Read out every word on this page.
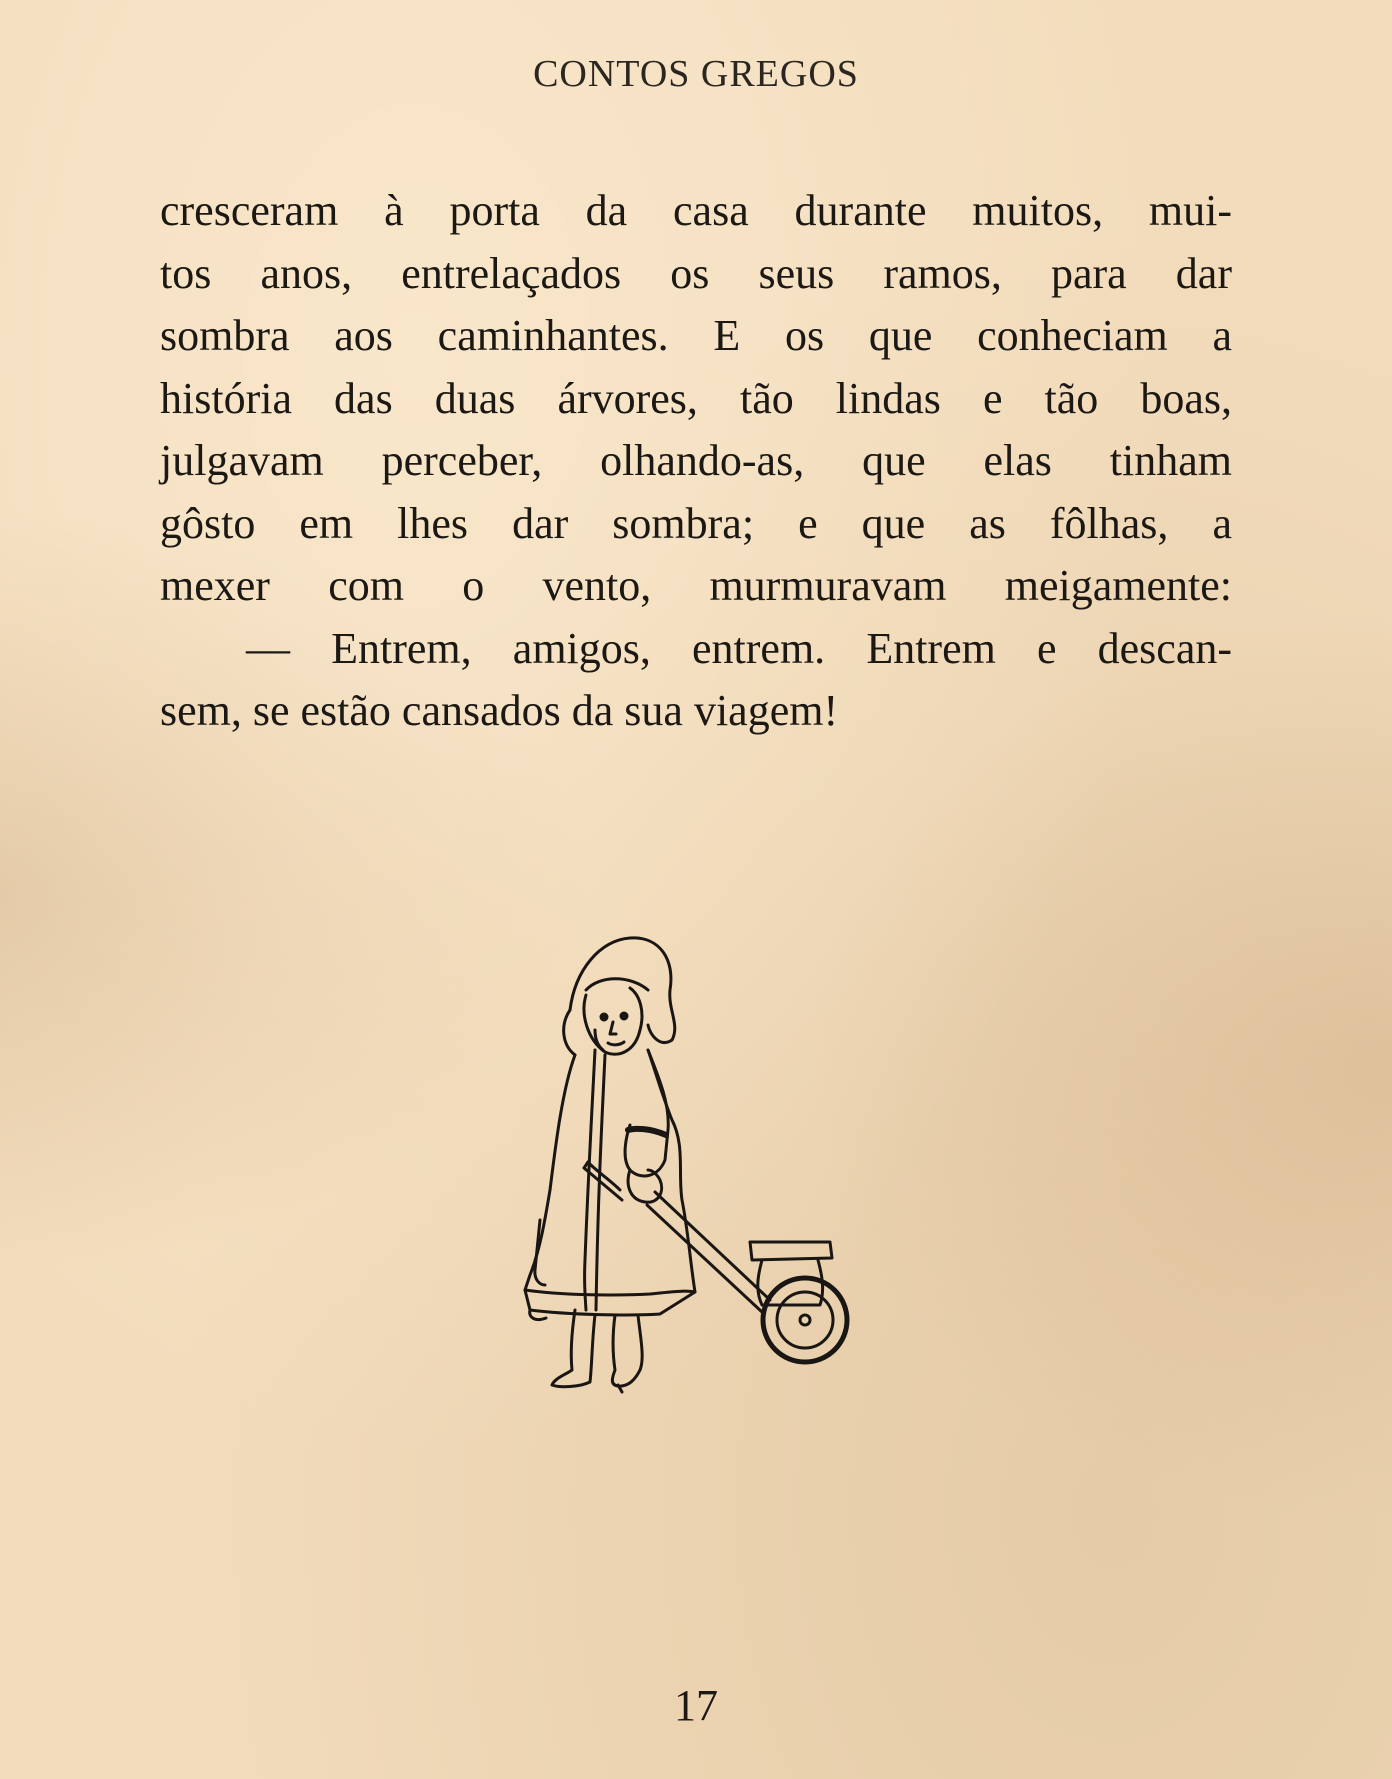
CONTOS GREGOS
cresceram à porta da casa durante muitos, mui-
tos anos, entrelaçados os seus ramos, para dar
sombra aos caminhantes. E os que conheciam a
história das duas árvores, tão lindas e tão boas,
julgavam perceber, olhando-as, que elas tinham
gôsto em lhes dar sombra; e que as fôlhas, a
mexer com o vento, murmuravam meigamente:
— Entrem, amigos, entrem. Entrem e descan-
sem, se estão cansados da sua viagem!
17
